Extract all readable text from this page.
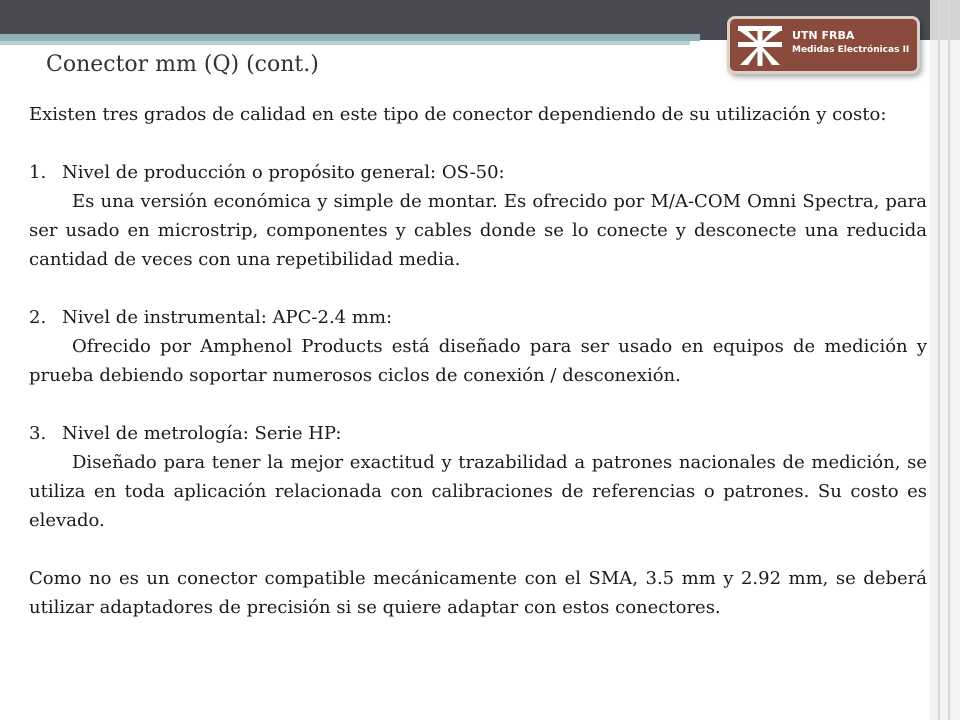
UTN FRBA
Medidas Electrónicas II
Conector mm (Q) (cont.)

Existen tres grados de calidad en este tipo de conector dependiendo de su utilización y costo:

1. Nivel de producción o propósito general: OS-50:

Es una versión económica y simple de montar. Es ofrecido por M/A-COM Omni Spectra, para ser usado en microstrip, componentes y cables donde se lo conecte y desconecte una reducida cantidad de veces con una repetibilidad media.

2. Nivel de instrumental: APC-2.4 mm:

Ofrecido por Amphenol Products está diseñado para ser usado en equipos de medición y prueba debiendo soportar numerosos ciclos de conexión / desconexión.

3. Nivel de metrología: Serie HP:

Diseñado para tener la mejor exactitud y trazabilidad a patrones nacionales de medición, se utiliza en toda aplicación relacionada con calibraciones de referencias o patrones. Su costo es elevado.

Como no es un conector compatible mecánicamente con el SMA, 3.5 mm y 2.92 mm, se deberá utilizar adaptadores de precisión si se quiere adaptar con estos conectores.
